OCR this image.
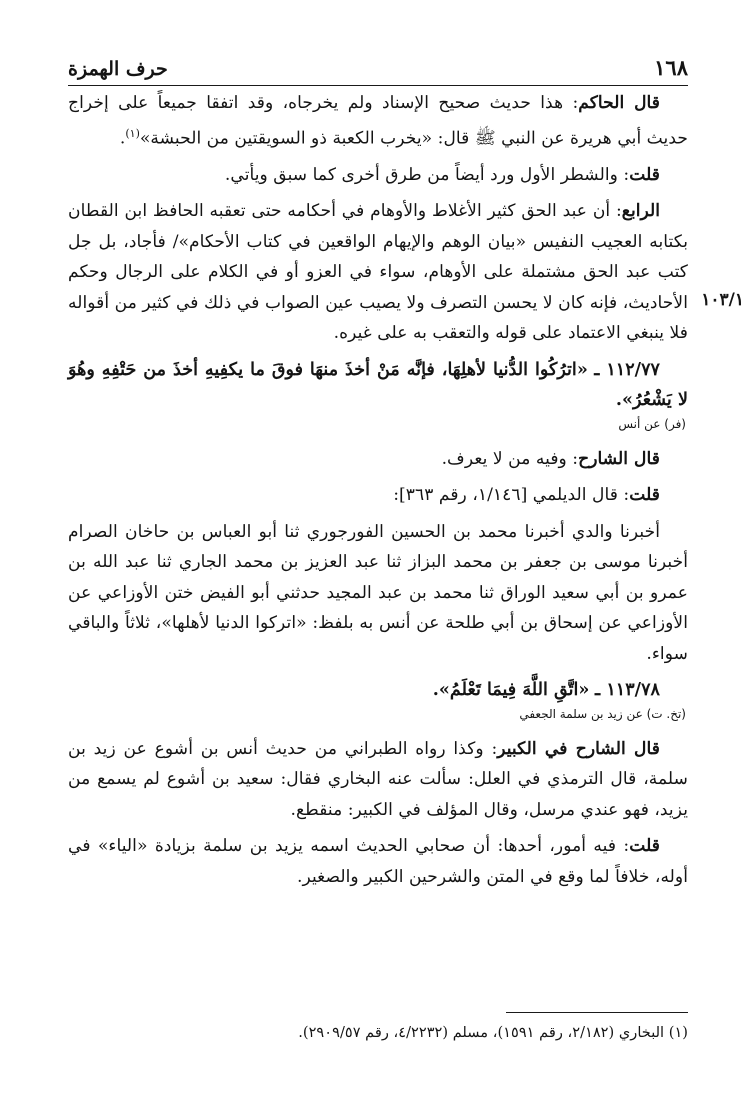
١٦٨
حرف الهمزة
١٠٣/١

قال الحاكم: هذا حديث صحيح الإسناد ولم يخرجاه، وقد اتفقا جميعاً على إخراج حديث أبي هريرة عن النبي ﷺ قال: «يخرب الكعبة ذو السويقتين من الحبشة»$^{(١)}$.

قلت: والشطر الأول ورد أيضاً من طرق أخرى كما سبق ويأتي.

الرابع: أن عبد الحق كثير الأغلاط والأوهام في أحكامه حتى تعقبه الحافظ ابن القطان بكتابه العجيب النفيس «بيان الوهم والإيهام الواقعين في كتاب الأحكام»/ فأجاد، بل جل كتب عبد الحق مشتملة على الأوهام، سواء في العزو أو في الكلام على الرجال وحكم الأحاديث، فإنه كان لا يحسن التصرف ولا يصيب عين الصواب في ذلك في كثير من أقواله فلا ينبغي الاعتماد على قوله والتعقب به على غيره.

١١٢/٧٧ ـ «اترُكُوا الدُّنيا لأهلِهَا، فإنَّه مَنْ أخذَ منهَا فوقَ ما يكفِيهِ أخذَ من حَتْفِهِ وهُوَ لا يَشْعُرُ».

(فر) عن أنس

قال الشارح: وفيه من لا يعرف.

قلت: قال الديلمي [١/١٤٦، رقم ٣٦٣]:

أخبرنا والدي أخبرنا محمد بن الحسين الفورجوري ثنا أبو العباس بن حاخان الصرام أخبرنا موسى بن جعفر بن محمد البزاز ثنا عبد العزيز بن محمد الجاري ثنا عبد الله بن عمرو بن أبي سعيد الوراق ثنا محمد بن عبد المجيد حدثني أبو الفيض ختن الأوزاعي عن الأوزاعي عن إسحاق بن أبي طلحة عن أنس به بلفظ: «اتركوا الدنيا لأهلها»، ثلاثاً والباقي سواء.

١١٣/٧٨ ـ «اتَّقِ اللَّهَ فِيمَا تَعْلَمُ».

(تخ. ت) عن زيد بن سلمة الجعفي

قال الشارح في الكبير: وكذا رواه الطبراني من حديث أنس بن أشوع عن زيد بن سلمة، قال الترمذي في العلل: سألت عنه البخاري فقال: سعيد بن أشوع لم يسمع من يزيد، فهو عندي مرسل، وقال المؤلف في الكبير: منقطع.

قلت: فيه أمور، أحدها: أن صحابي الحديث اسمه يزيد بن سلمة بزيادة «الياء» في أوله، خلافاً لما وقع في المتن والشرحين الكبير والصغير.

(١) البخاري (٢/١٨٢، رقم ١٥٩١)، مسلم (٤/٢٢٣٢، رقم ٢٩٠٩/٥٧).
